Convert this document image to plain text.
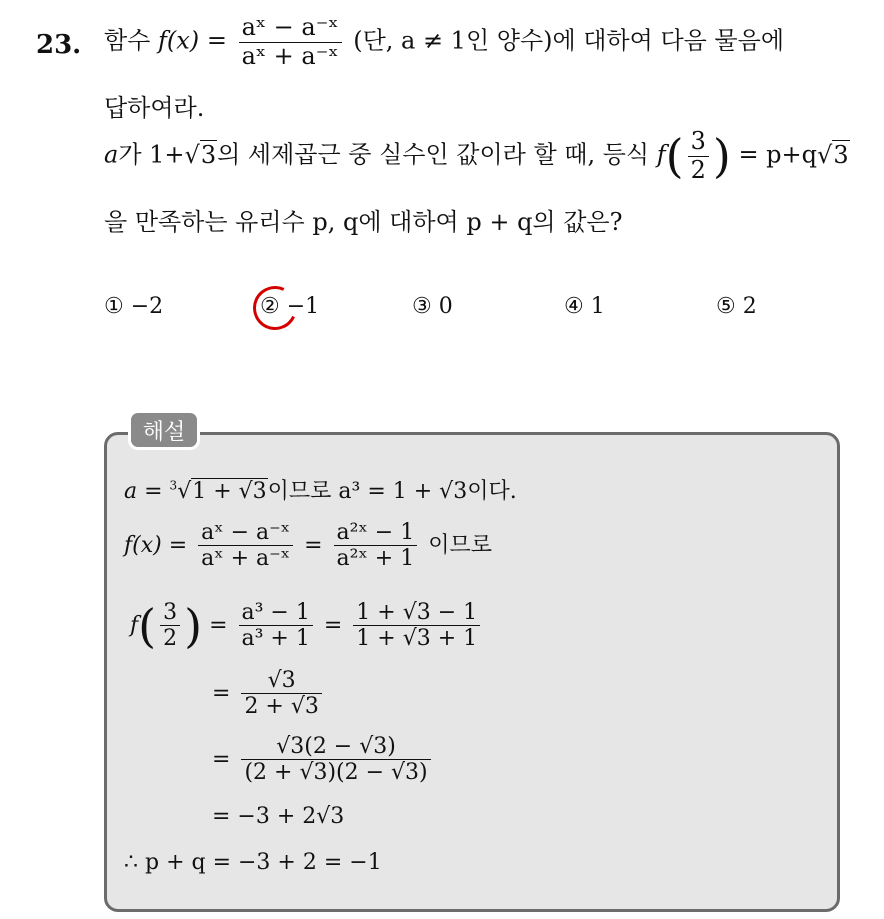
23. 함수 $f(x) = \frac{\text{aˣ − a⁻ˣ}}{\text{aˣ + a⁻ˣ}}$ (단, a ≠ 1인 양수)에 대하여 다음 물음에
답하여라.
a가 1+√3의 세제곱근 중 실수인 값이라 할 때, 등식 $f( \frac{3}{2}$ ) = p+q√3
을 만족하는 유리수 p, q에 대하여 p + q의 값은?
① −2	② −1	③ 0	④ 1	⑤ 2
해설
a = $^3$√1 + √3이므로 a³ = 1 + √3이다.
$f(x) = \frac{\text{aˣ − a⁻ˣ}}{\text{aˣ + a⁻ˣ}} = \frac{\text{a²ˣ − 1}}{\text{a²ˣ + 1}}$ 이므로
$f( \frac{3}{2}$ ) = $\frac{\text{a³ − 1}}{\text{a³ + 1}} = \frac{1 + √3 - 1}{1 + √3 + 1}$
= $\frac{√3}{2 + √3}$
= $\frac{√3(2 - √3)}{(2 + √3)(2 - √3)}$
= −3 + 2√3
∴ p + q = −3 + 2 = −1
